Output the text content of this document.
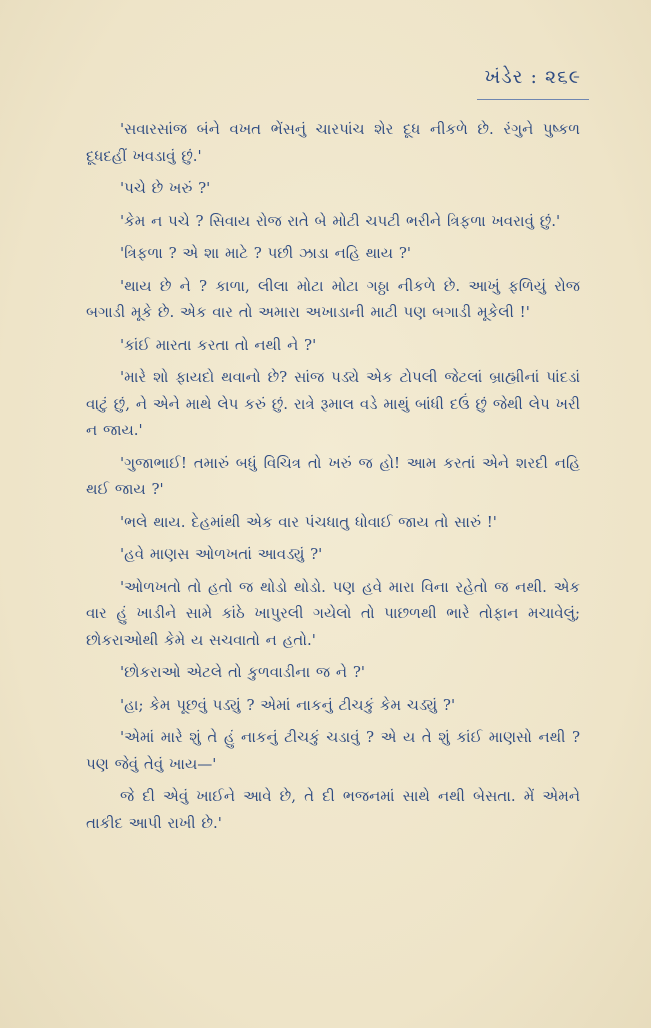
ખંડેર : ૨૬૯

'સવારસાંજ બંને વખત ભેંસનું ચારપાંચ શેર દૂધ નીકળે છે. રંગુને પુષ્કળ દૂધદહીં ખવડાવું છું.'

'પચે છે ખરું ?'

'કેમ ન પચે ? સિવાય રોજ રાતે બે મોટી ચપટી ભરીને ત્રિફળા ખવરાવું છું.'

'ત્રિફળા ? એ શા માટે ? પછી ઝાડા નહિ થાય ?'

'થાય છે ને ? કાળા, લીલા મોટા મોટા ગઠ્ઠા નીકળે છે. આખું ફળિયું રોજ બગાડી મૂકે છે. એક વાર તો અમારા અખાડાની માટી પણ બગાડી મૂકેલી !'

'કાંઈ મારતા કરતા તો નથી ને ?'

'મારે શો ફાયદો થવાનો છે? સાંજ પડ્યે એક ટોપલી જેટલાં બ્રાહ્મીનાં પાંદડાં વાટું છું, ને એને માથે લેપ કરું છું. રાત્રે રૂમાલ વડે માથું બાંધી દઉં છું જેથી લેપ ખરી ન જાય.'

'ગુજાભાઈ! તમારું બધું વિચિત્ર તો ખરું જ હો! આમ કરતાં એને શરદી નહિ થઈ જાય ?'

'ભલે થાય. દેહમાંથી એક વાર પંચધાતુ ધોવાઈ જાય તો સારું !'

'હવે માણસ ઓળખતાં આવડ્યું ?'

'ઓળખતો તો હતો જ થોડો થોડો. પણ હવે મારા વિના રહેતો જ નથી. એક વાર હું ખાડીને સામે કાંઠે ખાપુરલી ગયેલો તો પાછળથી ભારે તોફાન મચાવેલું; છોકરાઓથી કેમે ય સચવાતો ન હતો.'

'છોકરાઓ એટલે તો કુળવાડીના જ ને ?'

'હા; કેમ પૂછવું પડ્યું ? એમાં નાકનું ટીચકું કેમ ચડ્યું ?'

'એમાં મારે શું તે હું નાકનું ટીચકું ચડાવું ? એ ય તે શું કાંઈ માણસો નથી ? પણ જેવું તેવું ખાય—'

જે દી એવું ખાઈને આવે છે, તે દી ભજનમાં સાથે નથી બેસતા. મેં એમને તાકીદ આપી રાખી છે.'
